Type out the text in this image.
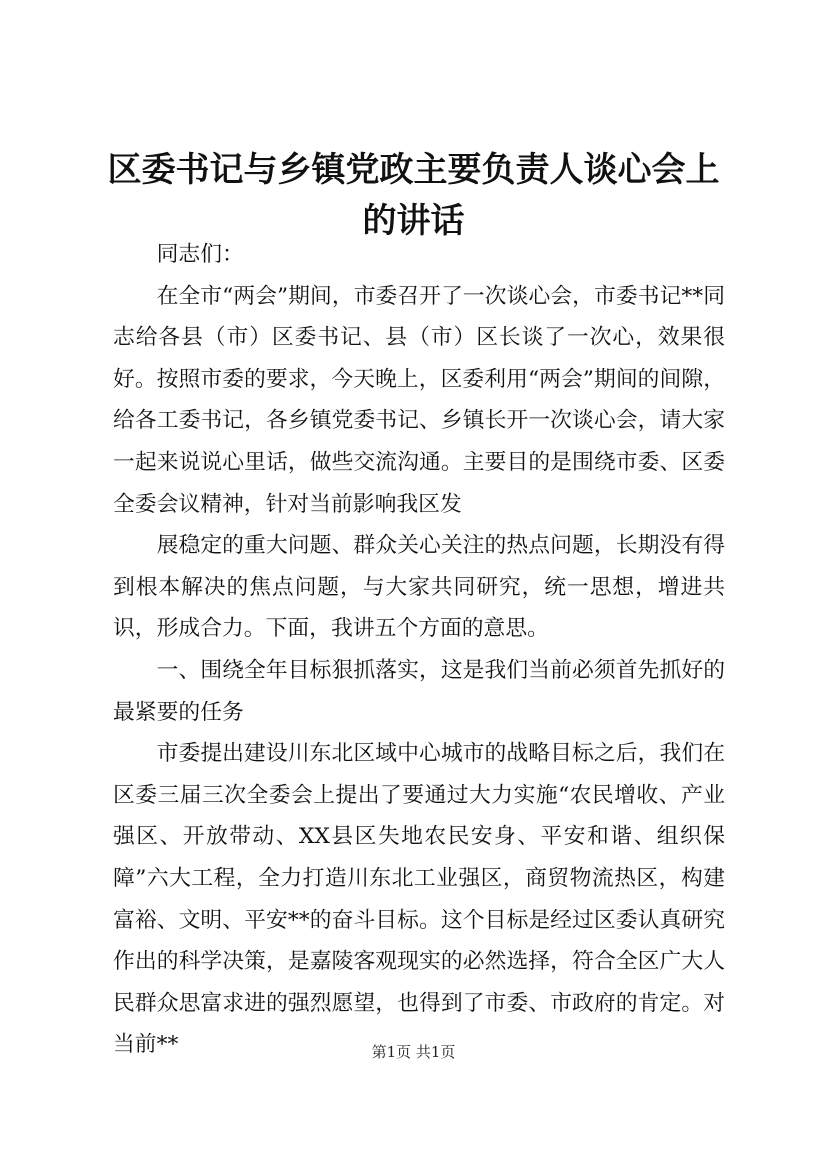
区委书记与乡镇党政主要负责人谈心会上的讲话

同志们：

在全市“两会”期间，市委召开了一次谈心会，市委书记**同志给各县（市）区委书记、县（市）区长谈了一次心，效果很好。按照市委的要求，今天晚上，区委利用“两会”期间的间隙，给各工委书记，各乡镇党委书记、乡镇长开一次谈心会，请大家一起来说说心里话，做些交流沟通。主要目的是围绕市委、区委全委会议精神，针对当前影响我区发

展稳定的重大问题、群众关心关注的热点问题，长期没有得到根本解决的焦点问题，与大家共同研究，统一思想，增进共识，形成合力。下面，我讲五个方面的意思。

一、围绕全年目标狠抓落实，这是我们当前必须首先抓好的最紧要的任务

市委提出建设川东北区域中心城市的战略目标之后，我们在区委三届三次全委会上提出了要通过大力实施“农民增收、产业强区、开放带动、XX县区失地农民安身、平安和谐、组织保障”六大工程，全力打造川东北工业强区，商贸物流热区，构建富裕、文明、平安**的奋斗目标。这个目标是经过区委认真研究作出的科学决策，是嘉陵客观现实的必然选择，符合全区广大人民群众思富求进的强烈愿望，也得到了市委、市政府的肯定。对当前**	第1页 共1页
